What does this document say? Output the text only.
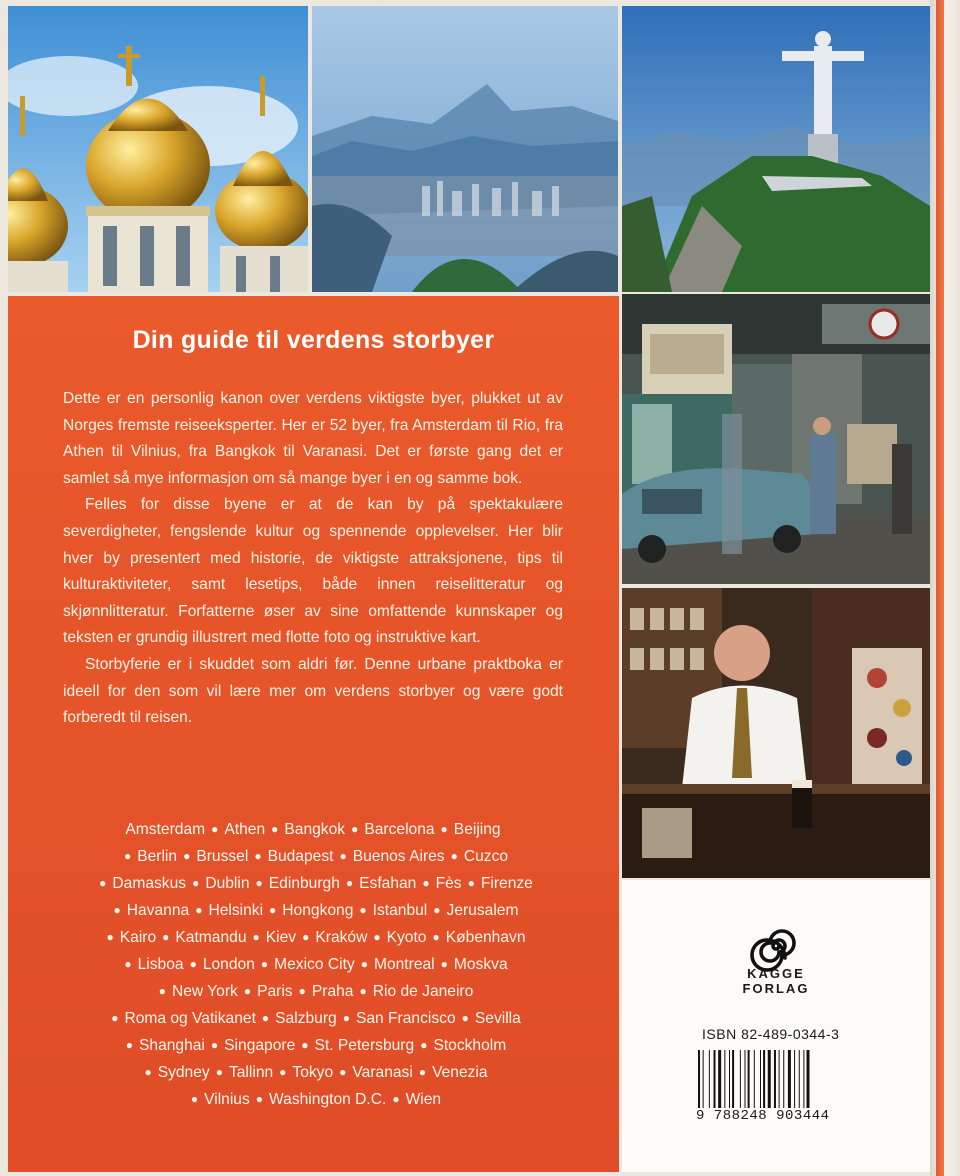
Din guide til verdens storbyer

Dette er en personlig kanon over verdens viktigste byer, plukket ut av Norges fremste reiseeksperter. Her er 52 byer, fra Amsterdam til Rio, fra Athen til Vilnius, fra Bangkok til Varanasi. Det er første gang det er samlet så mye informasjon om så mange byer i en og samme bok.

Felles for disse byene er at de kan by på spektakulære severdigheter, fengslende kultur og spennende opplevelser. Her blir hver by presentert med historie, de viktigste attraksjonene, tips til kulturaktiviteter, samt lesetips, både innen reiselitteratur og skjønnlitteratur. Forfatterne øser av sine omfattende kunnskaper og teksten er grundig illustrert med flotte foto og instruktive kart.

Storbyferie er i skuddet som aldri før. Denne urbane praktboka er ideell for den som vil lære mer om verdens storbyer og være godt forberedt til reisen.

Amsterdam ● Athen ● Bangkok ● Barcelona ● Beijing
● Berlin ● Brussel ● Budapest ● Buenos Aires ● Cuzco
● Damaskus ● Dublin ● Edinburgh ● Esfahan ● Fès ● Firenze
● Havanna ● Helsinki ● Hongkong ● Istanbul ● Jerusalem
● Kairo ● Katmandu ● Kiev ● Kraków ● Kyoto ● København
● Lisboa ● London ● Mexico City ● Montreal ● Moskva
● New York ● Paris ● Praha ● Rio de Janeiro
● Roma og Vatikanet ● Salzburg ● San Francisco ● Sevilla
● Shanghai ● Singapore ● St. Petersburg ● Stockholm
● Sydney ● Tallinn ● Tokyo ● Varanasi ● Venezia
● Vilnius ● Washington D.C. ● Wien
KAGGE
FORLAG
ISBN 82-489-0344-3
9 788248 903444
